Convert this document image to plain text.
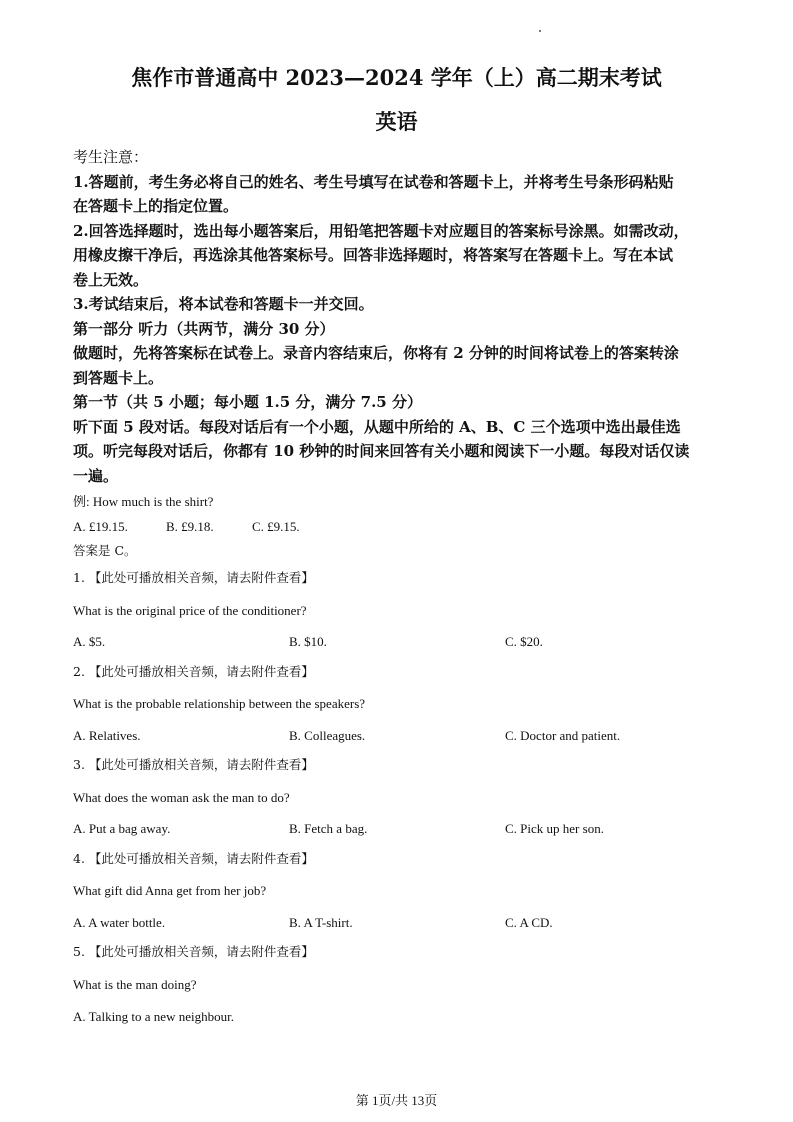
焦作市普通高中 2023—2024 学年（上）高二期末考试
英语
考生注意：
1.答题前，考生务必将自己的姓名、考生号填写在试卷和答题卡上，并将考生号条形码粘贴
在答题卡上的指定位置。
2.回答选择题时，选出每小题答案后，用铅笔把答题卡对应题目的答案标号涂黑。如需改动，
用橡皮擦干净后，再选涂其他答案标号。回答非选择题时，将答案写在答题卡上。写在本试
卷上无效。
3.考试结束后，将本试卷和答题卡一并交回。
第一部分 听力（共两节，满分 30 分）
做题时，先将答案标在试卷上。录音内容结束后，你将有 2 分钟的时间将试卷上的答案转涂
到答题卡上。
第一节（共 5 小题；每小题 1.5 分，满分 7.5 分）
听下面 5 段对话。每段对话后有一个小题，从题中所给的 A、B、C 三个选项中选出最佳选
项。听完每段对话后，你都有 10 秒钟的时间来回答有关小题和阅读下一小题。每段对话仅读
一遍。
例: How much is the shirt?
A. £19.15.	B. £9.18.	C. £9.15.
答案是 C。
1. 【此处可播放相关音频，请去附件查看】
What is the original price of the conditioner?
A. $5.	B. $10.	C. $20.
2. 【此处可播放相关音频，请去附件查看】
What is the probable relationship between the speakers?
A. Relatives.	B. Colleagues.	C. Doctor and patient.
3. 【此处可播放相关音频，请去附件查看】
What does the woman ask the man to do?
A. Put a bag away.	B. Fetch a bag.	C. Pick up her son.
4. 【此处可播放相关音频，请去附件查看】
What gift did Anna get from her job?
A. A water bottle.	B. A T-shirt.	C. A CD.
5. 【此处可播放相关音频，请去附件查看】
What is the man doing?
A. Talking to a new neighbour.
第 1页/共 13页
